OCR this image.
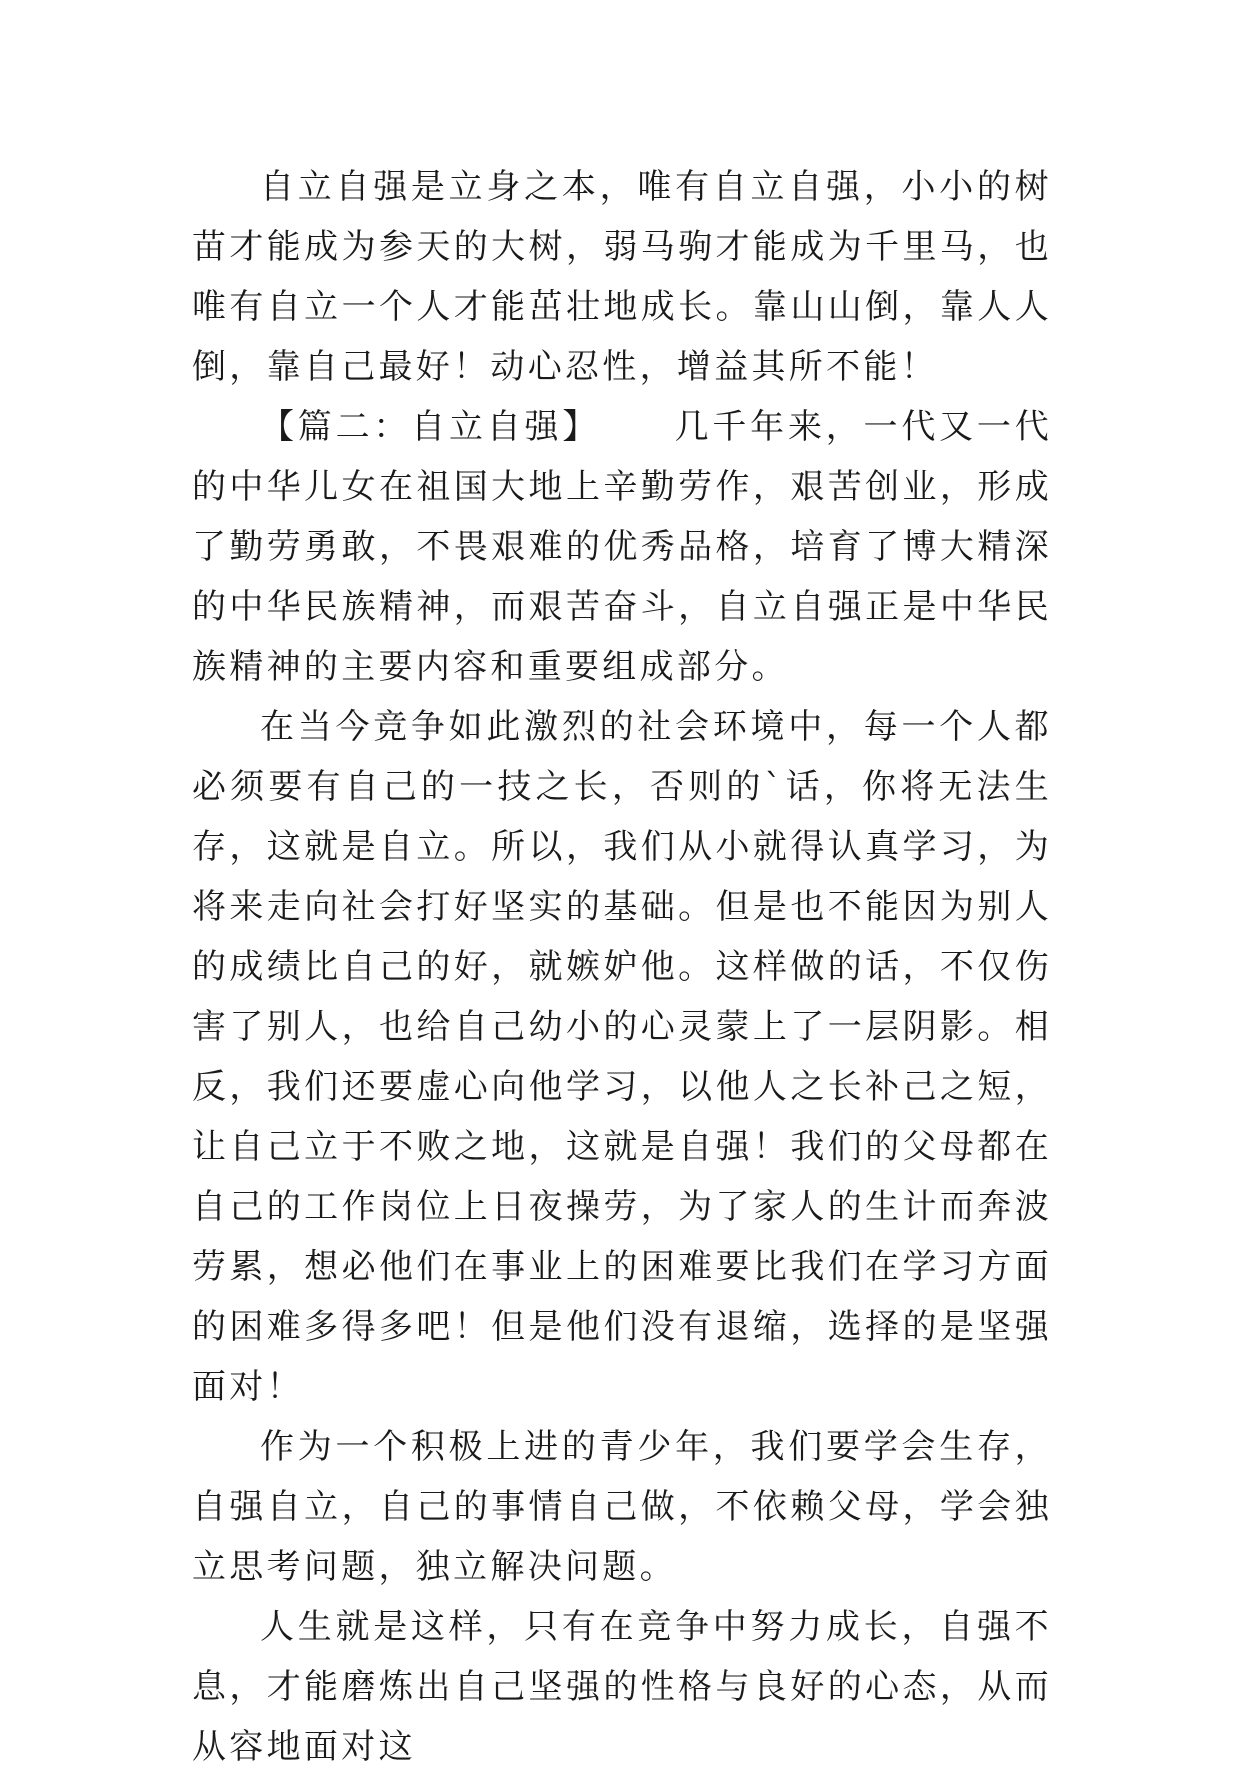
自立自强是立身之本，唯有自立自强，小小的树苗才能成为参天的大树，弱马驹才能成为千里马，也唯有自立一个人才能茁壮地成长。靠山山倒，靠人人倒，靠自己最好！动心忍性，增益其所不能！

【篇二：自立自强】 几千年来，一代又一代的中华儿女在祖国大地上辛勤劳作，艰苦创业，形成了勤劳勇敢，不畏艰难的优秀品格，培育了博大精深的中华民族精神，而艰苦奋斗，自立自强正是中华民族精神的主要内容和重要组成部分。

在当今竞争如此激烈的社会环境中，每一个人都必须要有自己的一技之长，否则的`话，你将无法生存，这就是自立。所以，我们从小就得认真学习，为将来走向社会打好坚实的基础。但是也不能因为别人的成绩比自己的好，就嫉妒他。这样做的话，不仅伤害了别人，也给自己幼小的心灵蒙上了一层阴影。相反，我们还要虚心向他学习，以他人之长补己之短，让自己立于不败之地，这就是自强！我们的父母都在自己的工作岗位上日夜操劳，为了家人的生计而奔波劳累，想必他们在事业上的困难要比我们在学习方面的困难多得多吧！但是他们没有退缩，选择的是坚强面对！

作为一个积极上进的青少年，我们要学会生存，自强自立，自己的事情自己做，不依赖父母，学会独立思考问题，独立解决问题。

人生就是这样，只有在竞争中努力成长，自强不息，才能磨炼出自己坚强的性格与良好的心态，从而从容地面对这
